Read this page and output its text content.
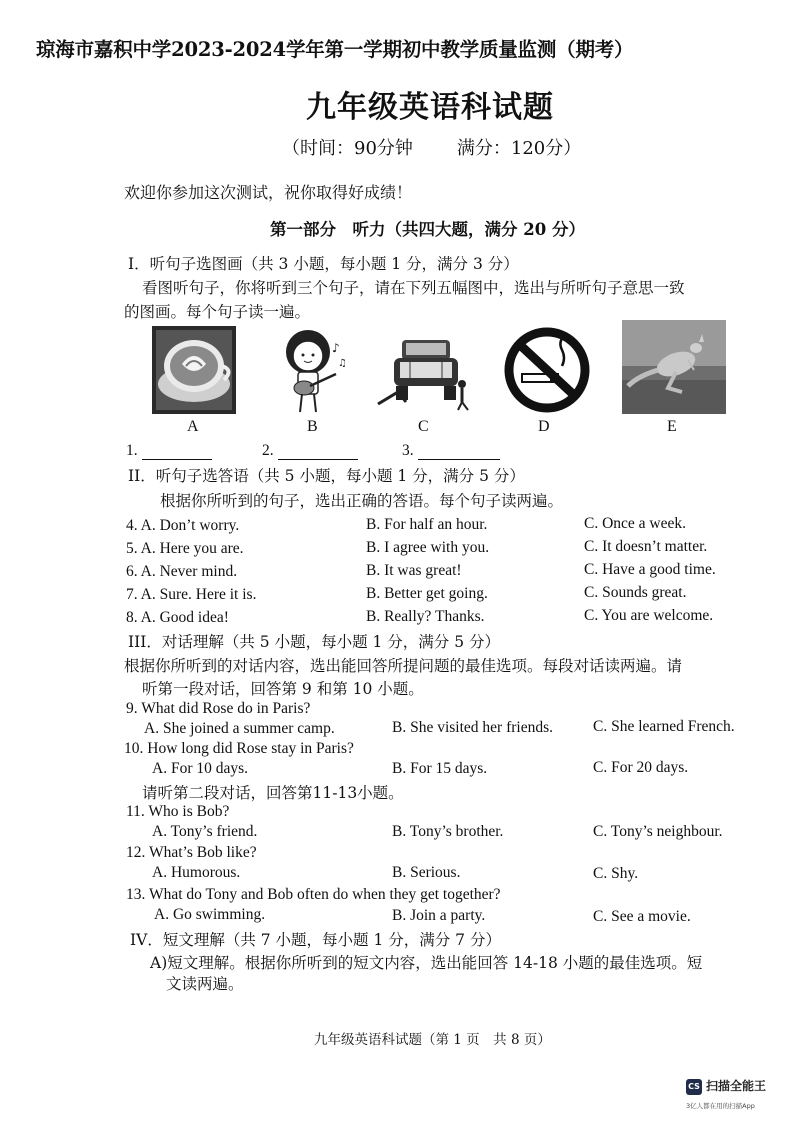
琼海市嘉积中学2023-2024学年第一学期初中教学质量监测（期考）
九年级英语科试题
（时间：90分钟 满分：120分）
欢迎你参加这次测试，祝你取得好成绩！
第一部分　听力（共四大题，满分 20 分）
I．听句子选图画（共 3 小题，每小题 1 分，满分 3 分）
看图听句子，你将听到三个句子，请在下列五幅图中，选出与所听句子意思一致
的图画。每个句子读一遍。
♪
♫
A	B	C	D	E
1.	2.	3.
II．听句子选答语（共 5 小题，每小题 1 分，满分 5 分）
根据你所听到的句子，选出正确的答语。每个句子读两遍。
4. A. Don’t worry.	B. For half an hour.	C. Once a week.
5. A. Here you are.	B. I agree with you.	C. It doesn’t matter.
6. A. Never mind.	B. It was great!	C. Have a good time.
7. A. Sure. Here it is.	B. Better get going.	C. Sounds great.
8. A. Good idea!	B. Really? Thanks.	C. You are welcome.
III．对话理解（共 5 小题，每小题 1 分，满分 5 分）
根据你所听到的对话内容，选出能回答所提问题的最佳选项。每段对话读两遍。请
听第一段对话，回答第 9 和第 10 小题。
9. What did Rose do in Paris?
A. She joined a summer camp.	B. She visited her friends.	C. She learned French.
10. How long did Rose stay in Paris?
A. For 10 days.	B. For 15 days.	C. For 20 days.
请听第二段对话，回答第11-13小题。
11. Who is Bob?
A. Tony’s friend.	B. Tony’s brother.	C. Tony’s neighbour.
12. What’s Bob like?
A. Humorous.	B. Serious.	C. Shy.
13. What do Tony and Bob often do when they get together?
A. Go swimming.	B. Join a party.	C. See a movie.
IV．短文理解（共 7 小题，每小题 1 分，满分 7 分）
A)短文理解。根据你所听到的短文内容，选出能回答 14-18 小题的最佳选项。短
文读两遍。
九年级英语科试题（第 1 页　共 8 页）
CS 扫描全能王
3亿人都在用的扫描App
